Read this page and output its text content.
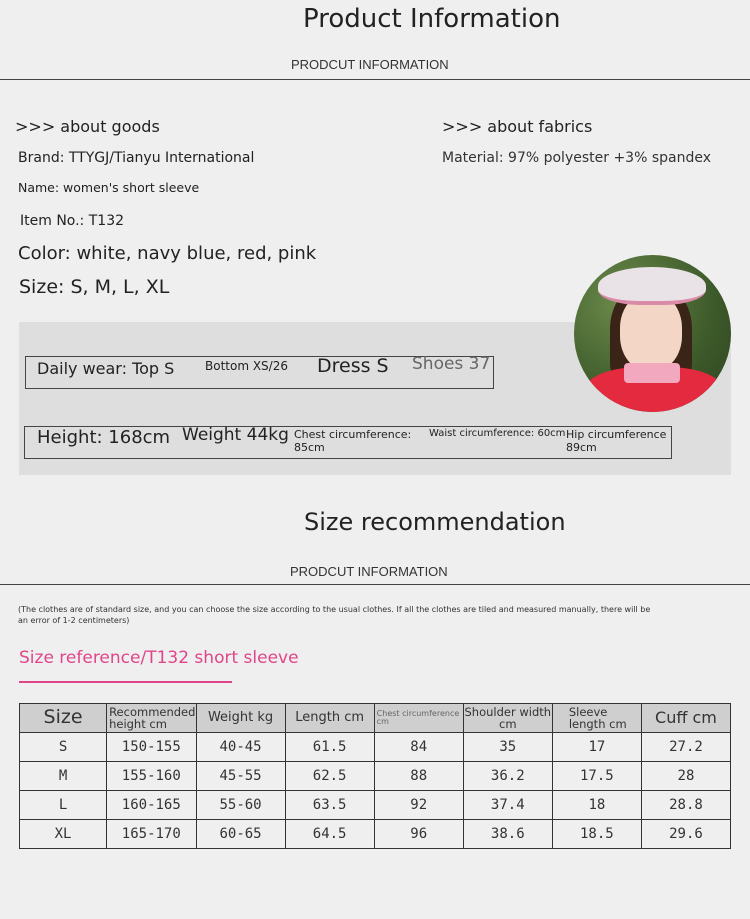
Product Information
PRODCUT INFORMATION
>>> about goods
Brand: TTYGJ/Tianyu International
Name: women's short sleeve
Item No.: T132
Color: white, navy blue, red, pink
Size: S, M, L, XL
>>> about fabrics
Material: 97% polyester +3% spandex
Daily wear: Top S	Bottom XS/26 Dress S Shoes 37
Height: 168cm Weight 44kg Chest circumference:
85cm
Waist circumference: 60cm Hip circumference
89cm
Size recommendation
PRODCUT INFORMATION
(The clothes are of standard size, and you can choose the size according to the usual clothes. If all the clothes are tiled and measured manually, there will be
an error of 1-2 centimeters)
Size reference/T132 short sleeve
Size	Recommended height cm	Weight kg	Length cm	Chest circumference cm	Shoulder width cm	Sleeve length cm	Cuff cm
S	150-155	40-45	61.5	84	35	17	27.2
M	155-160	45-55	62.5	88	36.2	17.5	28
L	160-165	55-60	63.5	92	37.4	18	28.8
XL	165-170	60-65	64.5	96	38.6	18.5	29.6
